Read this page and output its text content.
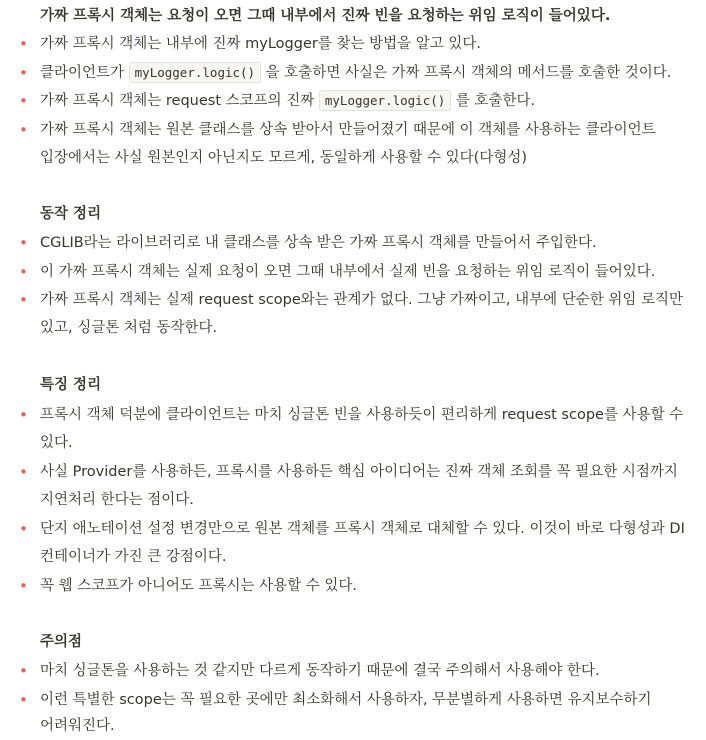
가짜 프록시 객체는 요청이 오면 그때 내부에서 진짜 빈을 요청하는 위임 로직이 들어있다.
• 가짜 프록시 객체는 내부에 진짜 myLogger를 찾는 방법을 알고 있다.
• 클라이언트가 myLogger.logic() 을 호출하면 사실은 가짜 프록시 객체의 메서드를 호출한 것이다.
• 가짜 프록시 객체는 request 스코프의 진짜 myLogger.logic() 를 호출한다.
• 가짜 프록시 객체는 원본 클래스를 상속 받아서 만들어졌기 때문에 이 객체를 사용하는 클라이언트
입장에서는 사실 원본인지 아닌지도 모르게, 동일하게 사용할 수 있다(다형성)
동작 정리
• CGLIB라는 라이브러리로 내 클래스를 상속 받은 가짜 프록시 객체를 만들어서 주입한다.
• 이 가짜 프록시 객체는 실제 요청이 오면 그때 내부에서 실제 빈을 요청하는 위임 로직이 들어있다.
• 가짜 프록시 객체는 실제 request scope와는 관계가 없다. 그냥 가짜이고, 내부에 단순한 위임 로직만
있고, 싱글톤 처럼 동작한다.
특징 정리
• 프록시 객체 덕분에 클라이언트는 마치 싱글톤 빈을 사용하듯이 편리하게 request scope를 사용할 수
있다.
• 사실 Provider를 사용하든, 프록시를 사용하든 핵심 아이디어는 진짜 객체 조회를 꼭 필요한 시점까지
지연처리 한다는 점이다.
• 단지 애노테이션 설정 변경만으로 원본 객체를 프록시 객체로 대체할 수 있다. 이것이 바로 다형성과 DI
컨테이너가 가진 큰 강점이다.
• 꼭 웹 스코프가 아니어도 프록시는 사용할 수 있다.
주의점
• 마치 싱글톤을 사용하는 것 같지만 다르게 동작하기 때문에 결국 주의해서 사용해야 한다.
• 이런 특별한 scope는 꼭 필요한 곳에만 최소화해서 사용하자, 무분별하게 사용하면 유지보수하기
어려워진다.
